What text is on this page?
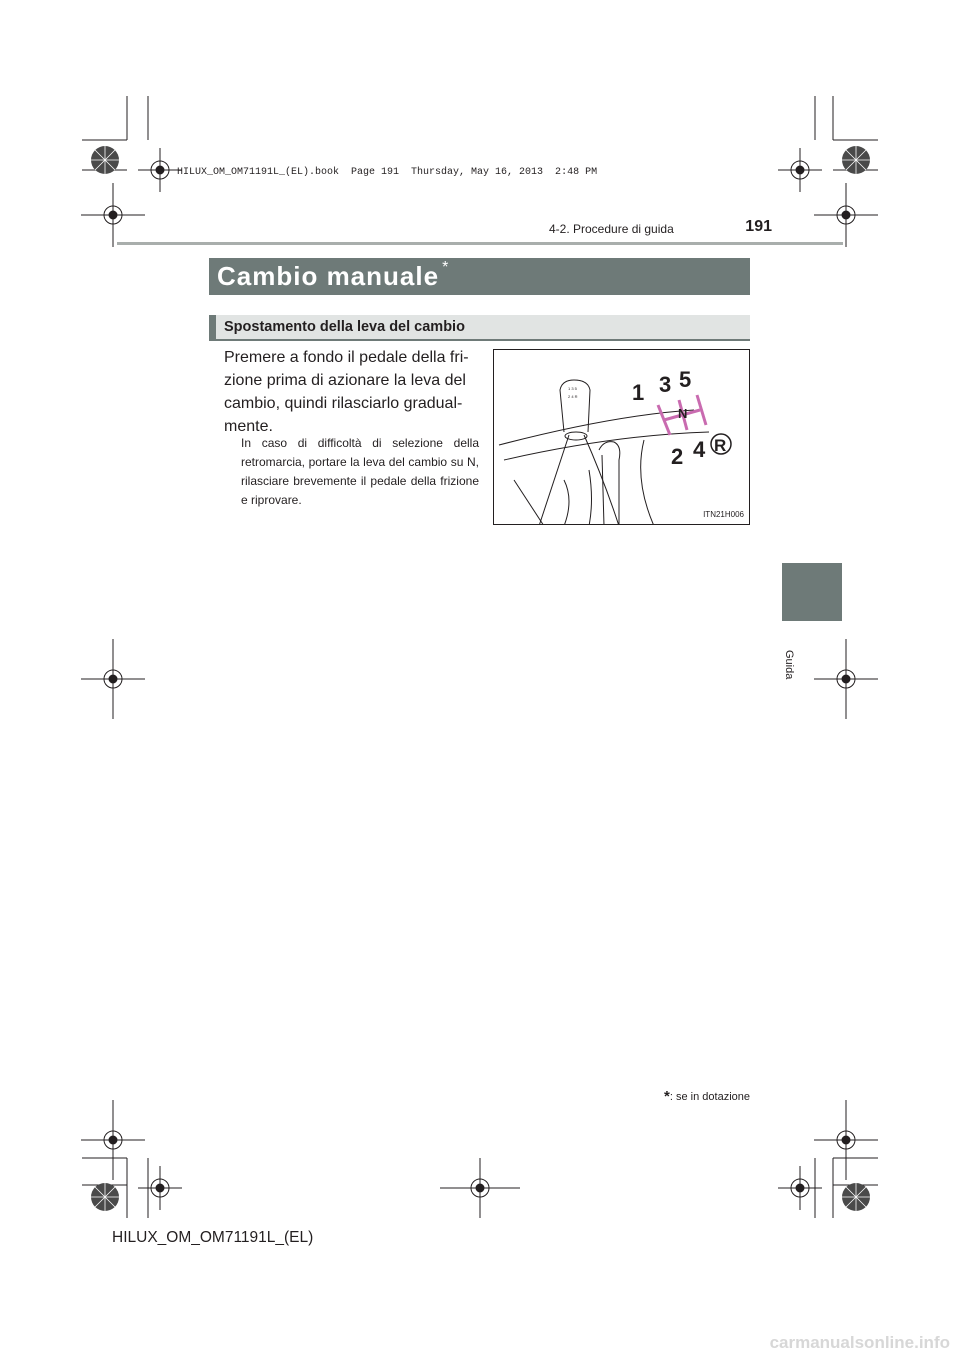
HILUX_OM_OM71191L_(EL).book  Page 191  Thursday, May 16, 2013  2:48 PM
4-2. Procedure di guida	191
Cambio manuale *
Spostamento della leva del cambio
Premere a fondo il pedale della fri-
zione prima di azionare la leva del
cambio, quindi rilasciarlo gradual-
mente.
In caso di difficoltà di selezione della retromarcia, portare la leva del cambio su N, rilasciare brevemente il pedale della frizione e riprovare.
1 3 5
2 4 R 1 3 5
N
2 4 R
ITN21H006
4
Guida
*: se in dotazione
HILUX_OM_OM71191L_(EL)
carmanualsonline.info
